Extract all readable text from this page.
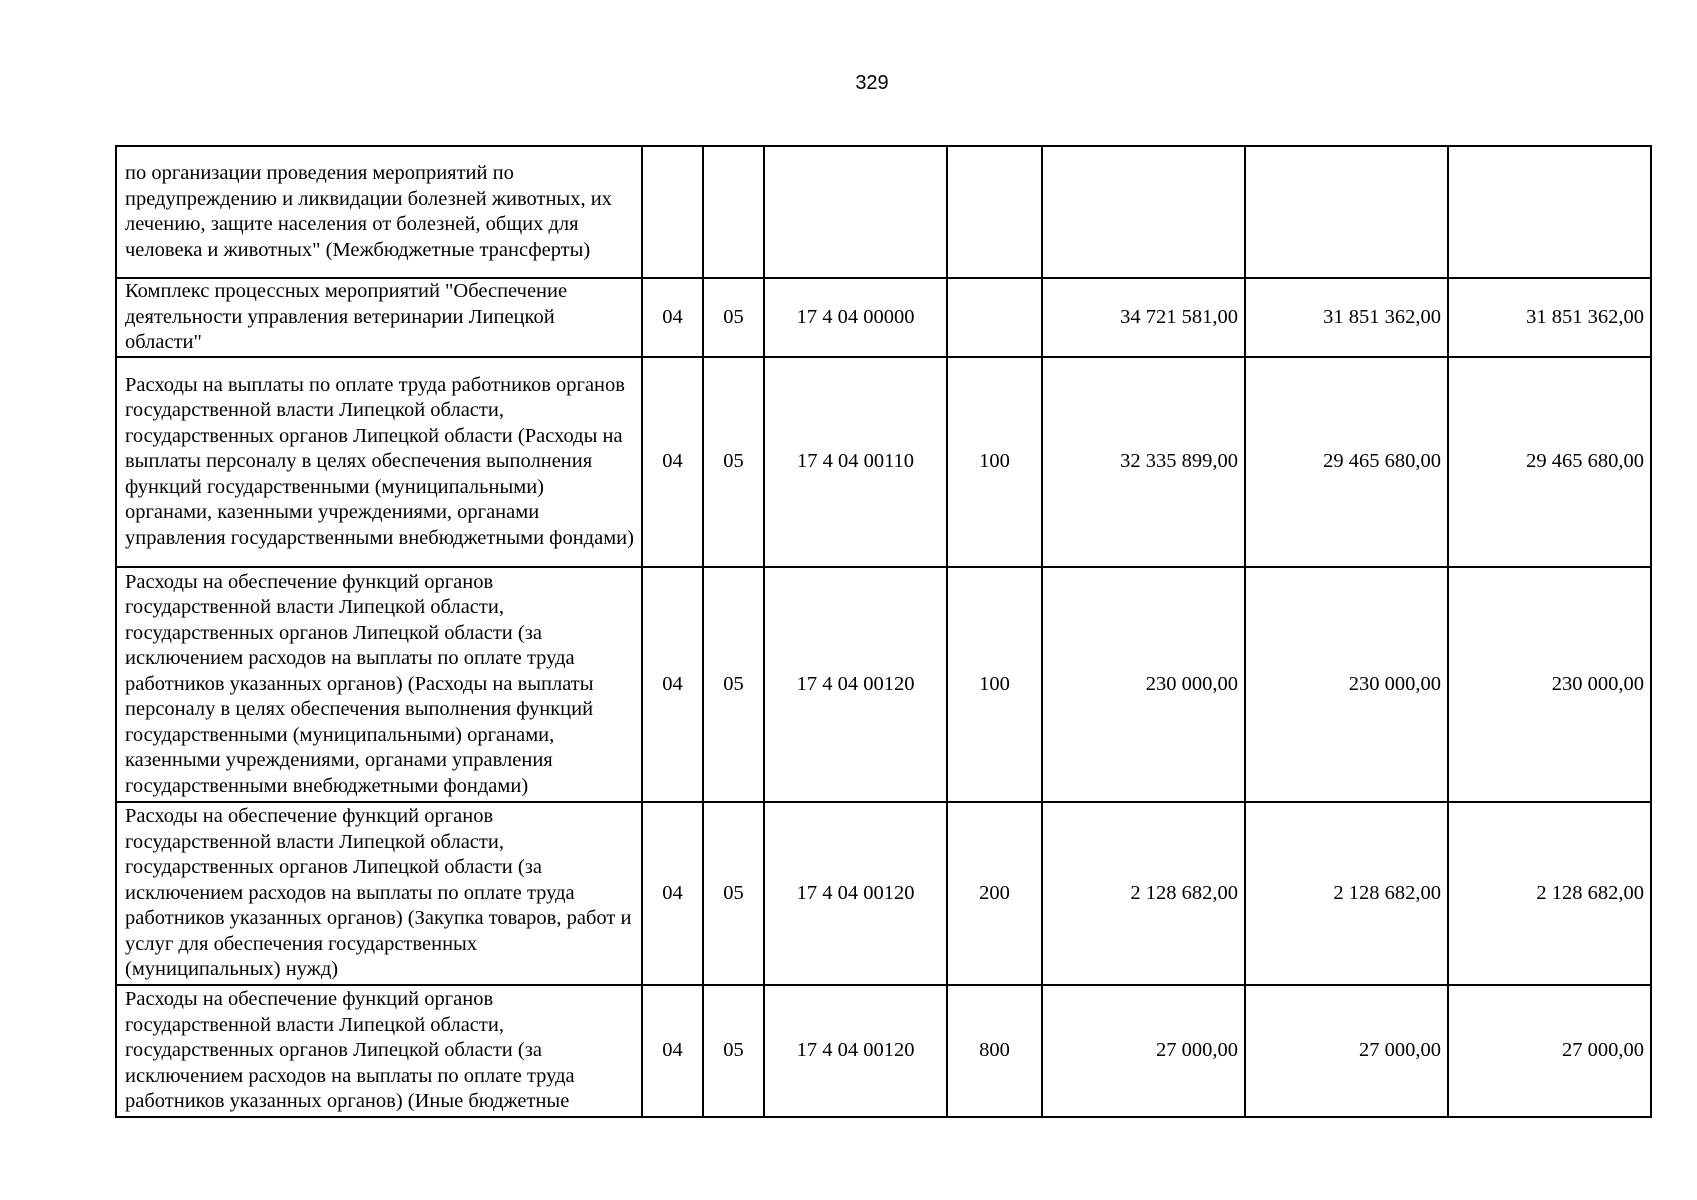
329
по организации проведения мероприятий по предупреждению и ликвидации болезней животных, их лечению, защите населения от болезней, общих для человека и животных" (Межбюджетные трансферты)							
Комплекс процессных мероприятий "Обеспечение деятельности управления ветеринарии Липецкой области"	04	05	17 4 04 00000		34 721 581,00	31 851 362,00	31 851 362,00
Расходы на выплаты по оплате труда работников органов государственной власти Липецкой области, государственных органов Липецкой области (Расходы на выплаты персоналу в целях обеспечения выполнения функций государственными (муниципальными) органами, казенными учреждениями, органами управления государственными внебюджетными фондами)	04	05	17 4 04 00110	100	32 335 899,00	29 465 680,00	29 465 680,00
Расходы на обеспечение функций органов государственной власти Липецкой области, государственных органов Липецкой области (за исключением расходов на выплаты по оплате труда работников указанных органов) (Расходы на выплаты персоналу в целях обеспечения выполнения функций государственными (муниципальными) органами, казенными учреждениями, органами управления государственными внебюджетными фондами)	04	05	17 4 04 00120	100	230 000,00	230 000,00	230 000,00
Расходы на обеспечение функций органов государственной власти Липецкой области, государственных органов Липецкой области (за исключением расходов на выплаты по оплате труда работников указанных органов) (Закупка товаров, работ и услуг для обеспечения государственных (муниципальных) нужд)	04	05	17 4 04 00120	200	2 128 682,00	2 128 682,00	2 128 682,00
Расходы на обеспечение функций органов государственной власти Липецкой области, государственных органов Липецкой области (за исключением расходов на выплаты по оплате труда работников указанных органов) (Иные бюджетные	04	05	17 4 04 00120	800	27 000,00	27 000,00	27 000,00
